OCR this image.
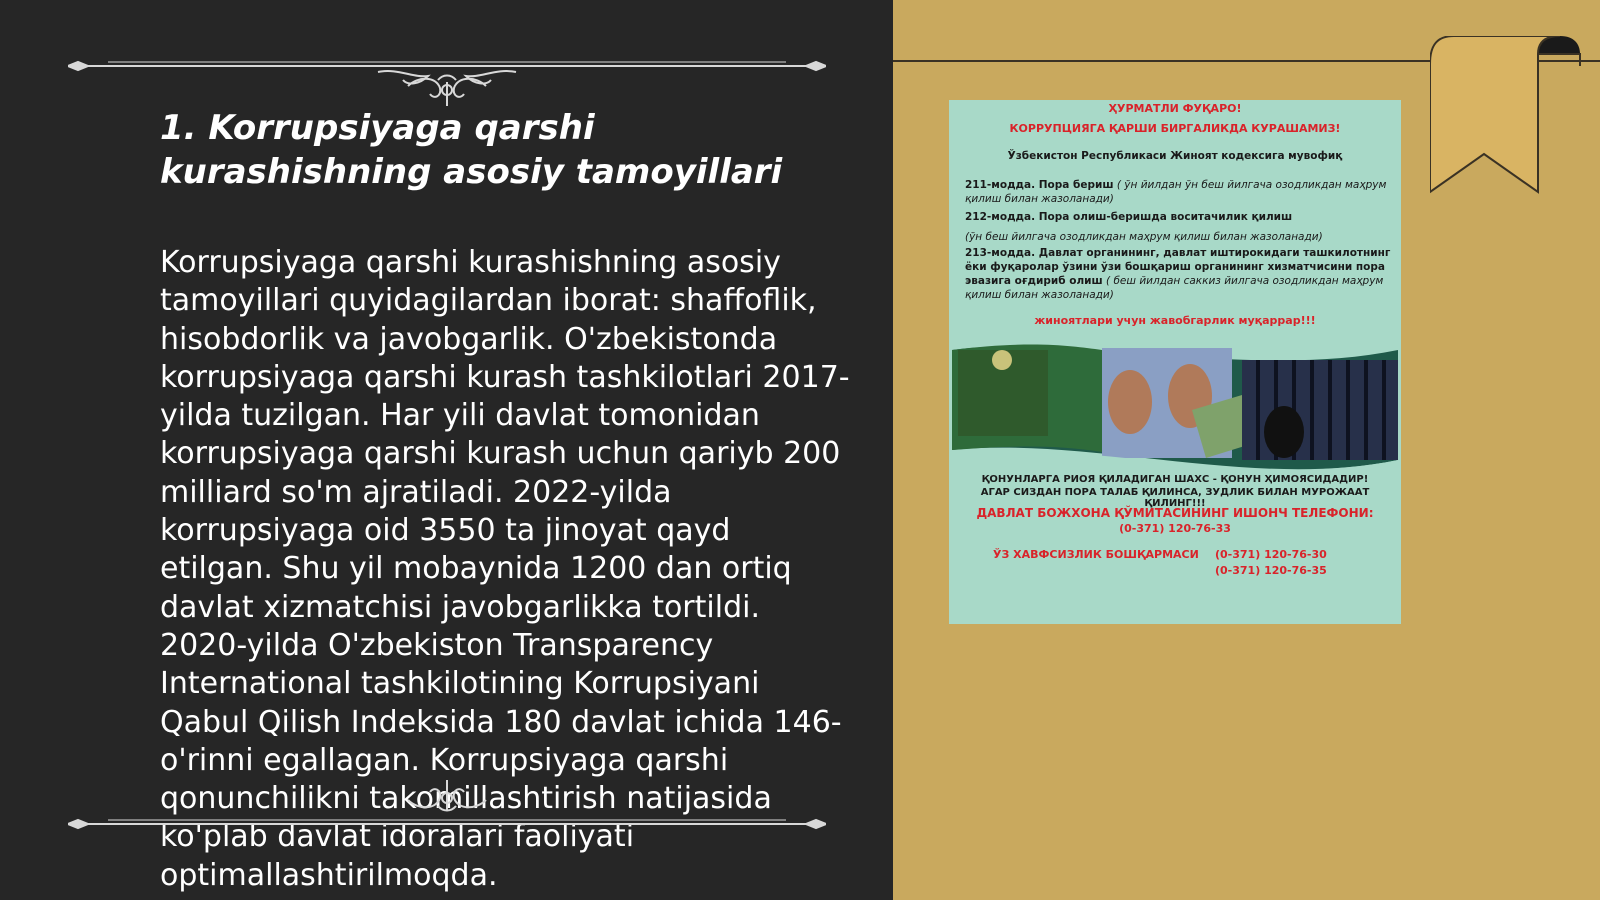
1. Korrupsiyaga qarshi kurashishning asosiy tamoyillari

Korrupsiyaga qarshi kurashishning asosiy tamoyillari quyidagilardan iborat: shaffoflik, hisobdorlik va javobgarlik. O'zbekistonda korrupsiyaga qarshi kurash tashkilotlari 2017-yilda tuzilgan. Har yili davlat tomonidan korrupsiyaga qarshi kurash uchun qariyb 200 milliard so'm ajratiladi. 2022-yilda korrupsiyaga oid 3550 ta jinoyat qayd etilgan. Shu yil mobaynida 1200 dan ortiq davlat xizmatchisi javobgarlikka tortildi. 2020-yilda O'zbekiston Transparency International tashkilotining Korrupsiyani Qabul Qilish Indeksida 180 davlat ichida 146-o'rinni egallagan. Korrupsiyaga qarshi qonunchilikni takomillashtirish natijasida ko'plab davlat idoralari faoliyati optimallashtirilmoqda.

ҲУРМАТЛИ ФУҚАРО!
КОРРУПЦИЯГА ҚАРШИ БИРГАЛИКДА КУРАШАМИЗ!
Ўзбекистон Республикаси Жиноят кодексига мувофиқ
211-модда. Пора бериш ( ўн йилдан ўн беш йилгача озодликдан маҳрум қилиш билан жазоланади)
212-модда. Пора олиш-беришда воситачилик қилиш
(ўн беш йилгача озодликдан маҳрум қилиш билан жазоланади)
213-модда. Давлат органининг, давлат иштирокидаги ташкилотнинг ёки фуқаролар ўзини ўзи бошқариш органининг хизматчисини пора эвазига оғдириб олиш ( беш йилдан саккиз йилгача озодликдан маҳрум қилиш билан жазоланади)
жиноятлари учун жавобгарлик муқаррар!!!
ҚОНУНЛАРГА РИОЯ ҚИЛАДИГАН ШАХС - ҚОНУН ҲИМОЯСИДАДИР!
АГАР СИЗДАН ПОРА ТАЛАБ ҚИЛИНСА, ЗУДЛИК БИЛАН МУРОЖААТ ҚИЛИНГ!!!
ДАВЛАТ БОЖХОНА ҚЎМИТАСИНИНГ ИШОНЧ ТЕЛЕФОНИ:
(0-371) 120-76-33
ЎЗ ХАВФСИЗЛИК БОШҚАРМАСИ (0-371) 120-76-30
(0-371) 120-76-35
